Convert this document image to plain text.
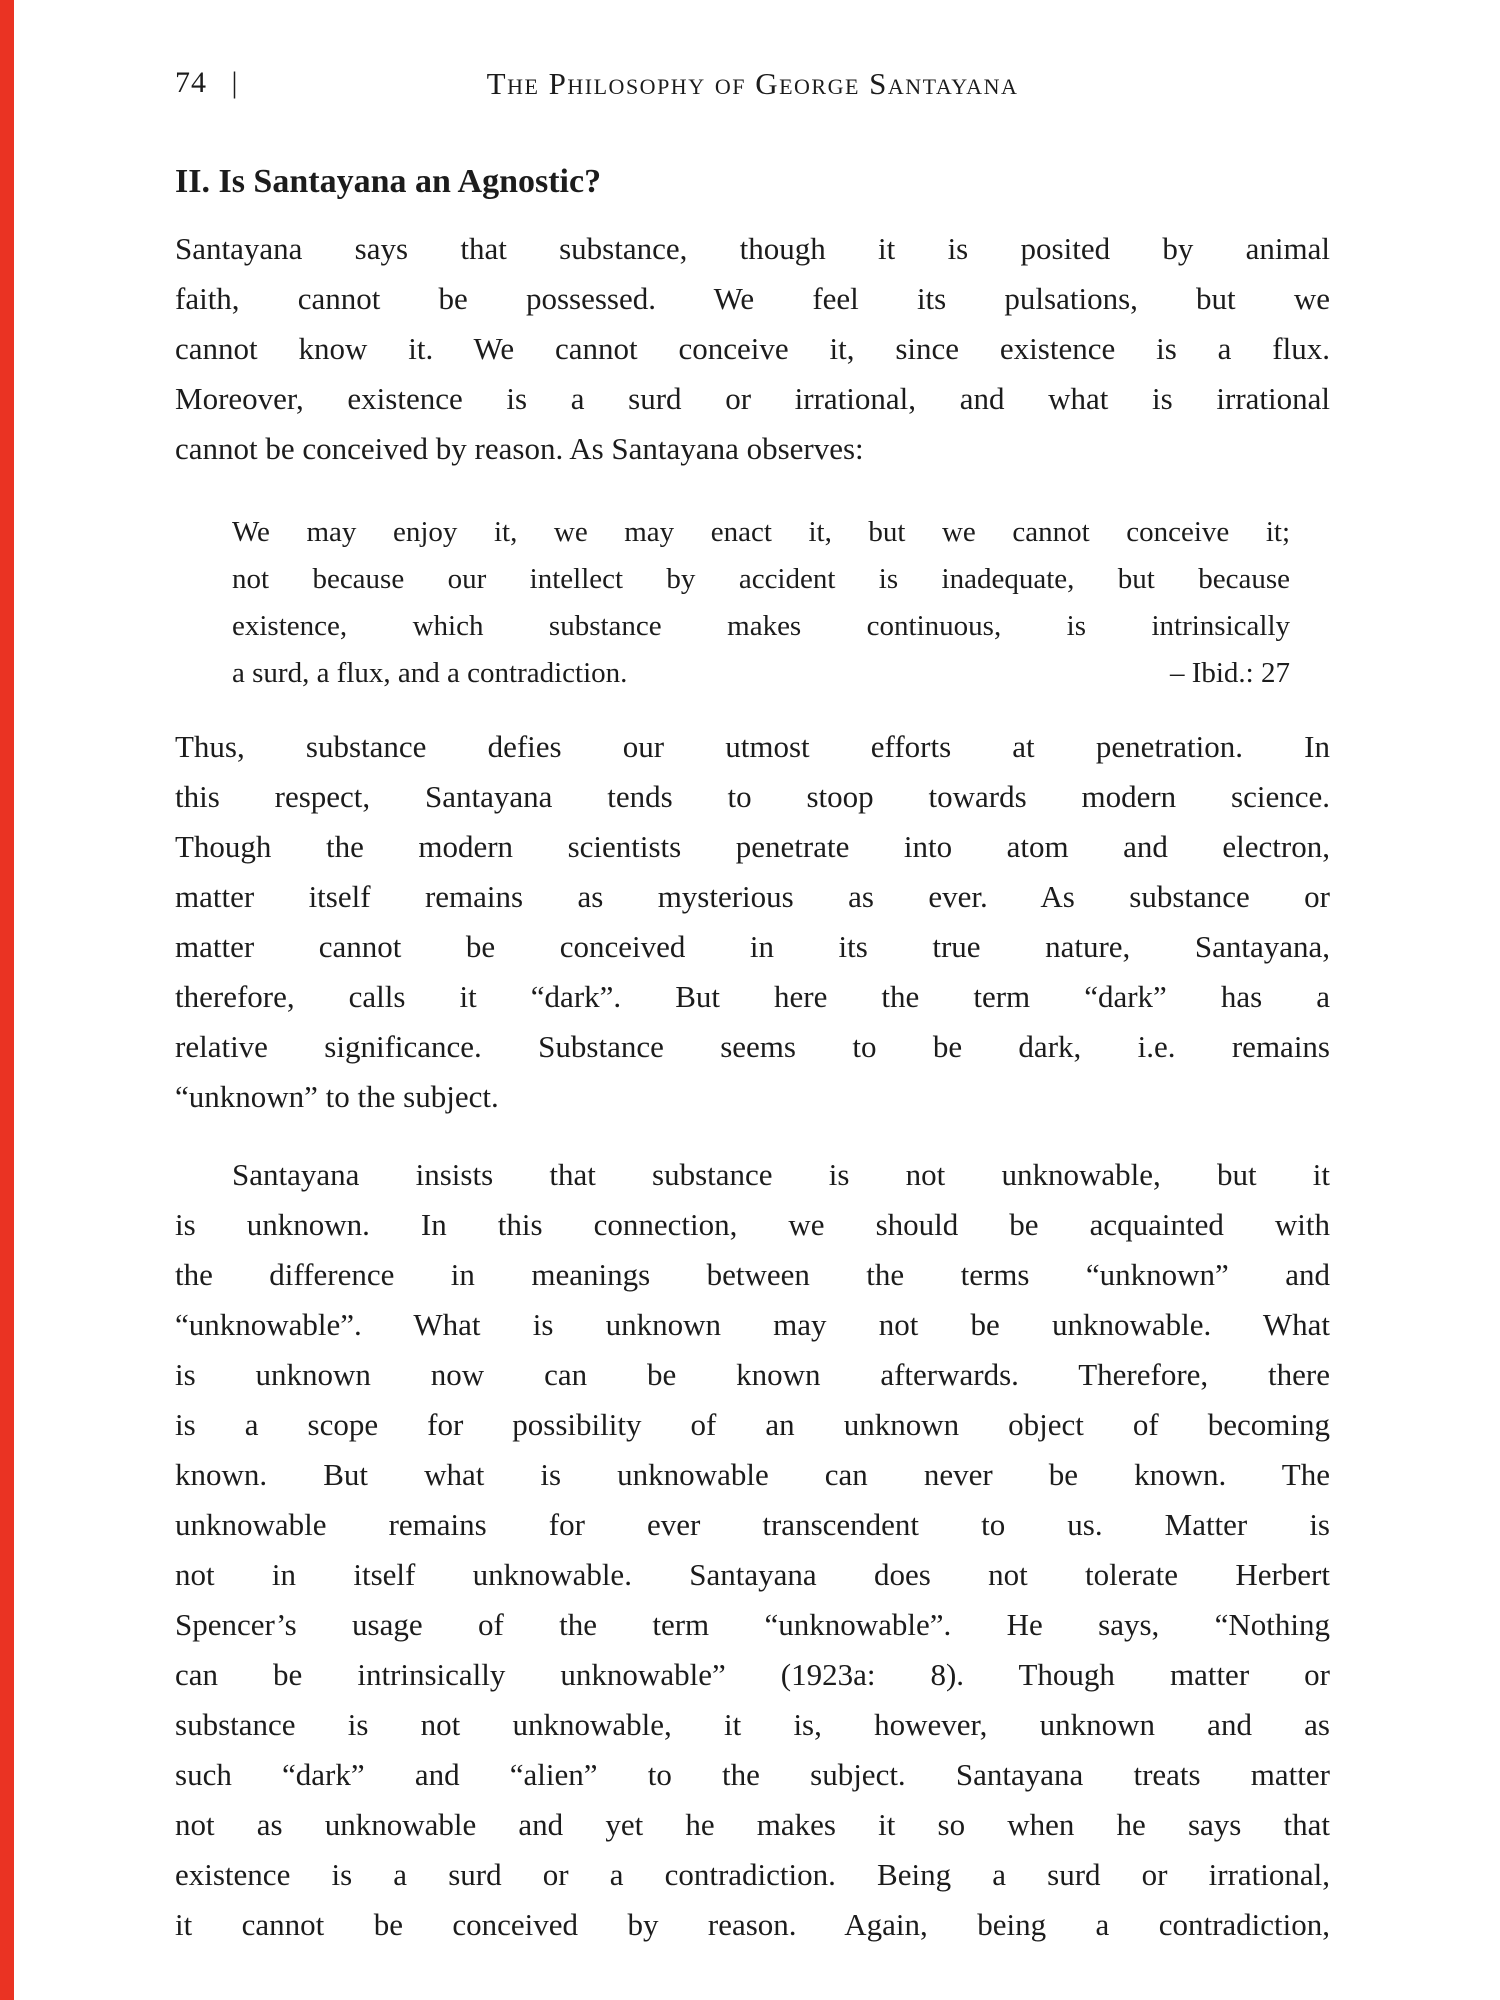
74 |	The Philosophy of George Santayana
II. Is Santayana an Agnostic?
Santayana says that substance, though it is posited by animal
faith, cannot be possessed. We feel its pulsations, but we
cannot know it. We cannot conceive it, since existence is a flux.
Moreover, existence is a surd or irrational, and what is irrational
cannot be conceived by reason. As Santayana observes:
We may enjoy it, we may enact it, but we cannot conceive it;
not because our intellect by accident is inadequate, but because
existence, which substance makes continuous, is intrinsically
a surd, a flux, and a contradiction.	– Ibid.: 27
Thus, substance defies our utmost efforts at penetration. In
this respect, Santayana tends to stoop towards modern science.
Though the modern scientists penetrate into atom and electron,
matter itself remains as mysterious as ever. As substance or
matter cannot be conceived in its true nature, Santayana,
therefore, calls it “dark”. But here the term “dark” has a
relative significance. Substance seems to be dark, i.e. remains
“unknown” to the subject.
Santayana insists that substance is not unknowable, but it
is unknown. In this connection, we should be acquainted with
the difference in meanings between the terms “unknown” and
“unknowable”. What is unknown may not be unknowable. What
is unknown now can be known afterwards. Therefore, there
is a scope for possibility of an unknown object of becoming
known. But what is unknowable can never be known. The
unknowable remains for ever transcendent to us. Matter is
not in itself unknowable. Santayana does not tolerate Herbert
Spencer’s usage of the term “unknowable”. He says, “Nothing
can be intrinsically unknowable” (1923a: 8). Though matter or
substance is not unknowable, it is, however, unknown and as
such “dark” and “alien” to the subject. Santayana treats matter
not as unknowable and yet he makes it so when he says that
existence is a surd or a contradiction. Being a surd or irrational,
it cannot be conceived by reason. Again, being a contradiction,
